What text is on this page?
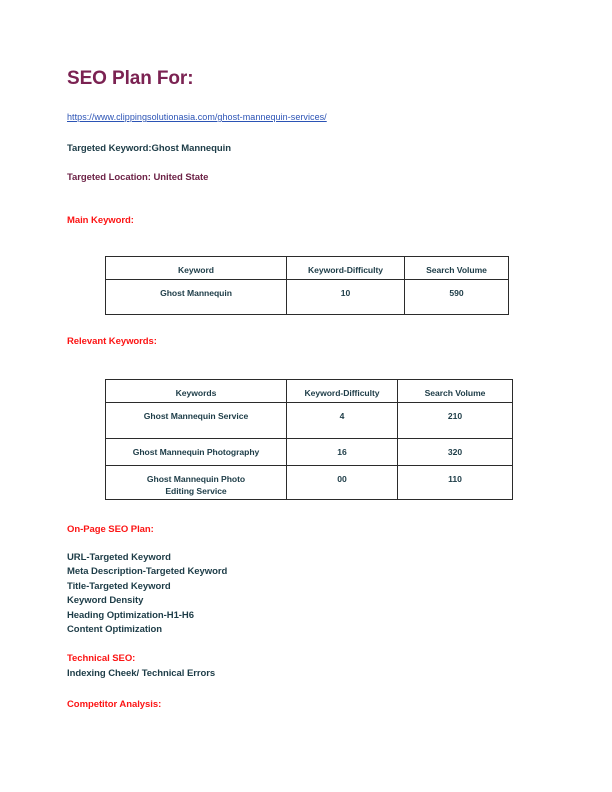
SEO Plan For:
https://www.clippingsolutionasia.com/ghost-mannequin-services/
Targeted Keyword:Ghost Mannequin
Targeted Location: United State
Main Keyword:
Keyword	Keyword-Difficulty	Search Volume

Ghost Mannequin	10	590
Relevant Keywords:
Keywords	Keyword-Difficulty	Search Volume

Ghost Mannequin Service	4	210

Ghost Mannequin Photography	16	320

Ghost Mannequin Photo
Editing Service	00	110
On-Page SEO Plan:
URL-Targeted Keyword
Meta Description-Targeted Keyword
Title-Targeted Keyword
Keyword Density
Heading Optimization-H1-H6
Content Optimization
Technical SEO:
Indexing Cheek/ Technical Errors
Competitor Analysis:
